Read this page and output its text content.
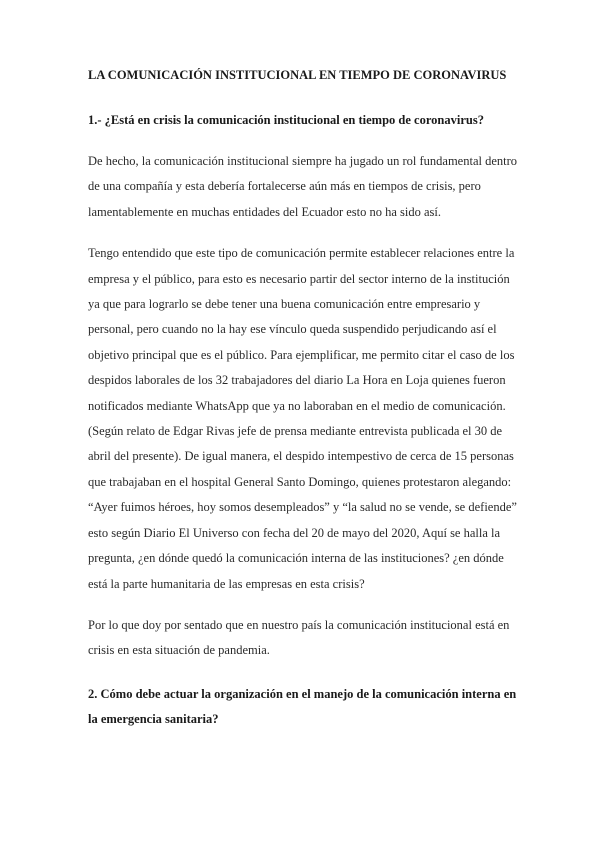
LA COMUNICACIÓN INSTITUCIONAL EN TIEMPO DE CORONAVIRUS
1.- ¿Está en crisis la comunicación institucional en tiempo de coronavirus?

De hecho, la comunicación institucional siempre ha jugado un rol fundamental dentro de una compañía y esta debería fortalecerse aún más en tiempos de crisis, pero lamentablemente en muchas entidades del Ecuador esto no ha sido así.

Tengo entendido que este tipo de comunicación permite establecer relaciones entre la empresa y el público, para esto es necesario partir del sector interno de la institución ya que para lograrlo se debe tener una buena comunicación entre empresario y personal, pero cuando no la hay ese vínculo queda suspendido perjudicando así el objetivo principal que es el público. Para ejemplificar, me permito citar el caso de los despidos laborales de los 32 trabajadores del diario La Hora en Loja quienes fueron notificados mediante WhatsApp que ya no laboraban en el medio de comunicación. (Según relato de Edgar Rivas jefe de prensa mediante entrevista publicada el 30 de abril del presente). De igual manera, el despido intempestivo de cerca de 15 personas que trabajaban en el hospital General Santo Domingo, quienes protestaron alegando: “Ayer fuimos héroes, hoy somos desempleados” y “la salud no se vende, se defiende” esto según Diario El Universo con fecha del 20 de mayo del 2020, Aquí se halla la pregunta, ¿en dónde quedó la comunicación interna de las instituciones? ¿en dónde está la parte humanitaria de las empresas en esta crisis?

Por lo que doy por sentado que en nuestro país la comunicación institucional está en crisis en esta situación de pandemia.

2. Cómo debe actuar la organización en el manejo de la comunicación interna en la emergencia sanitaria?
